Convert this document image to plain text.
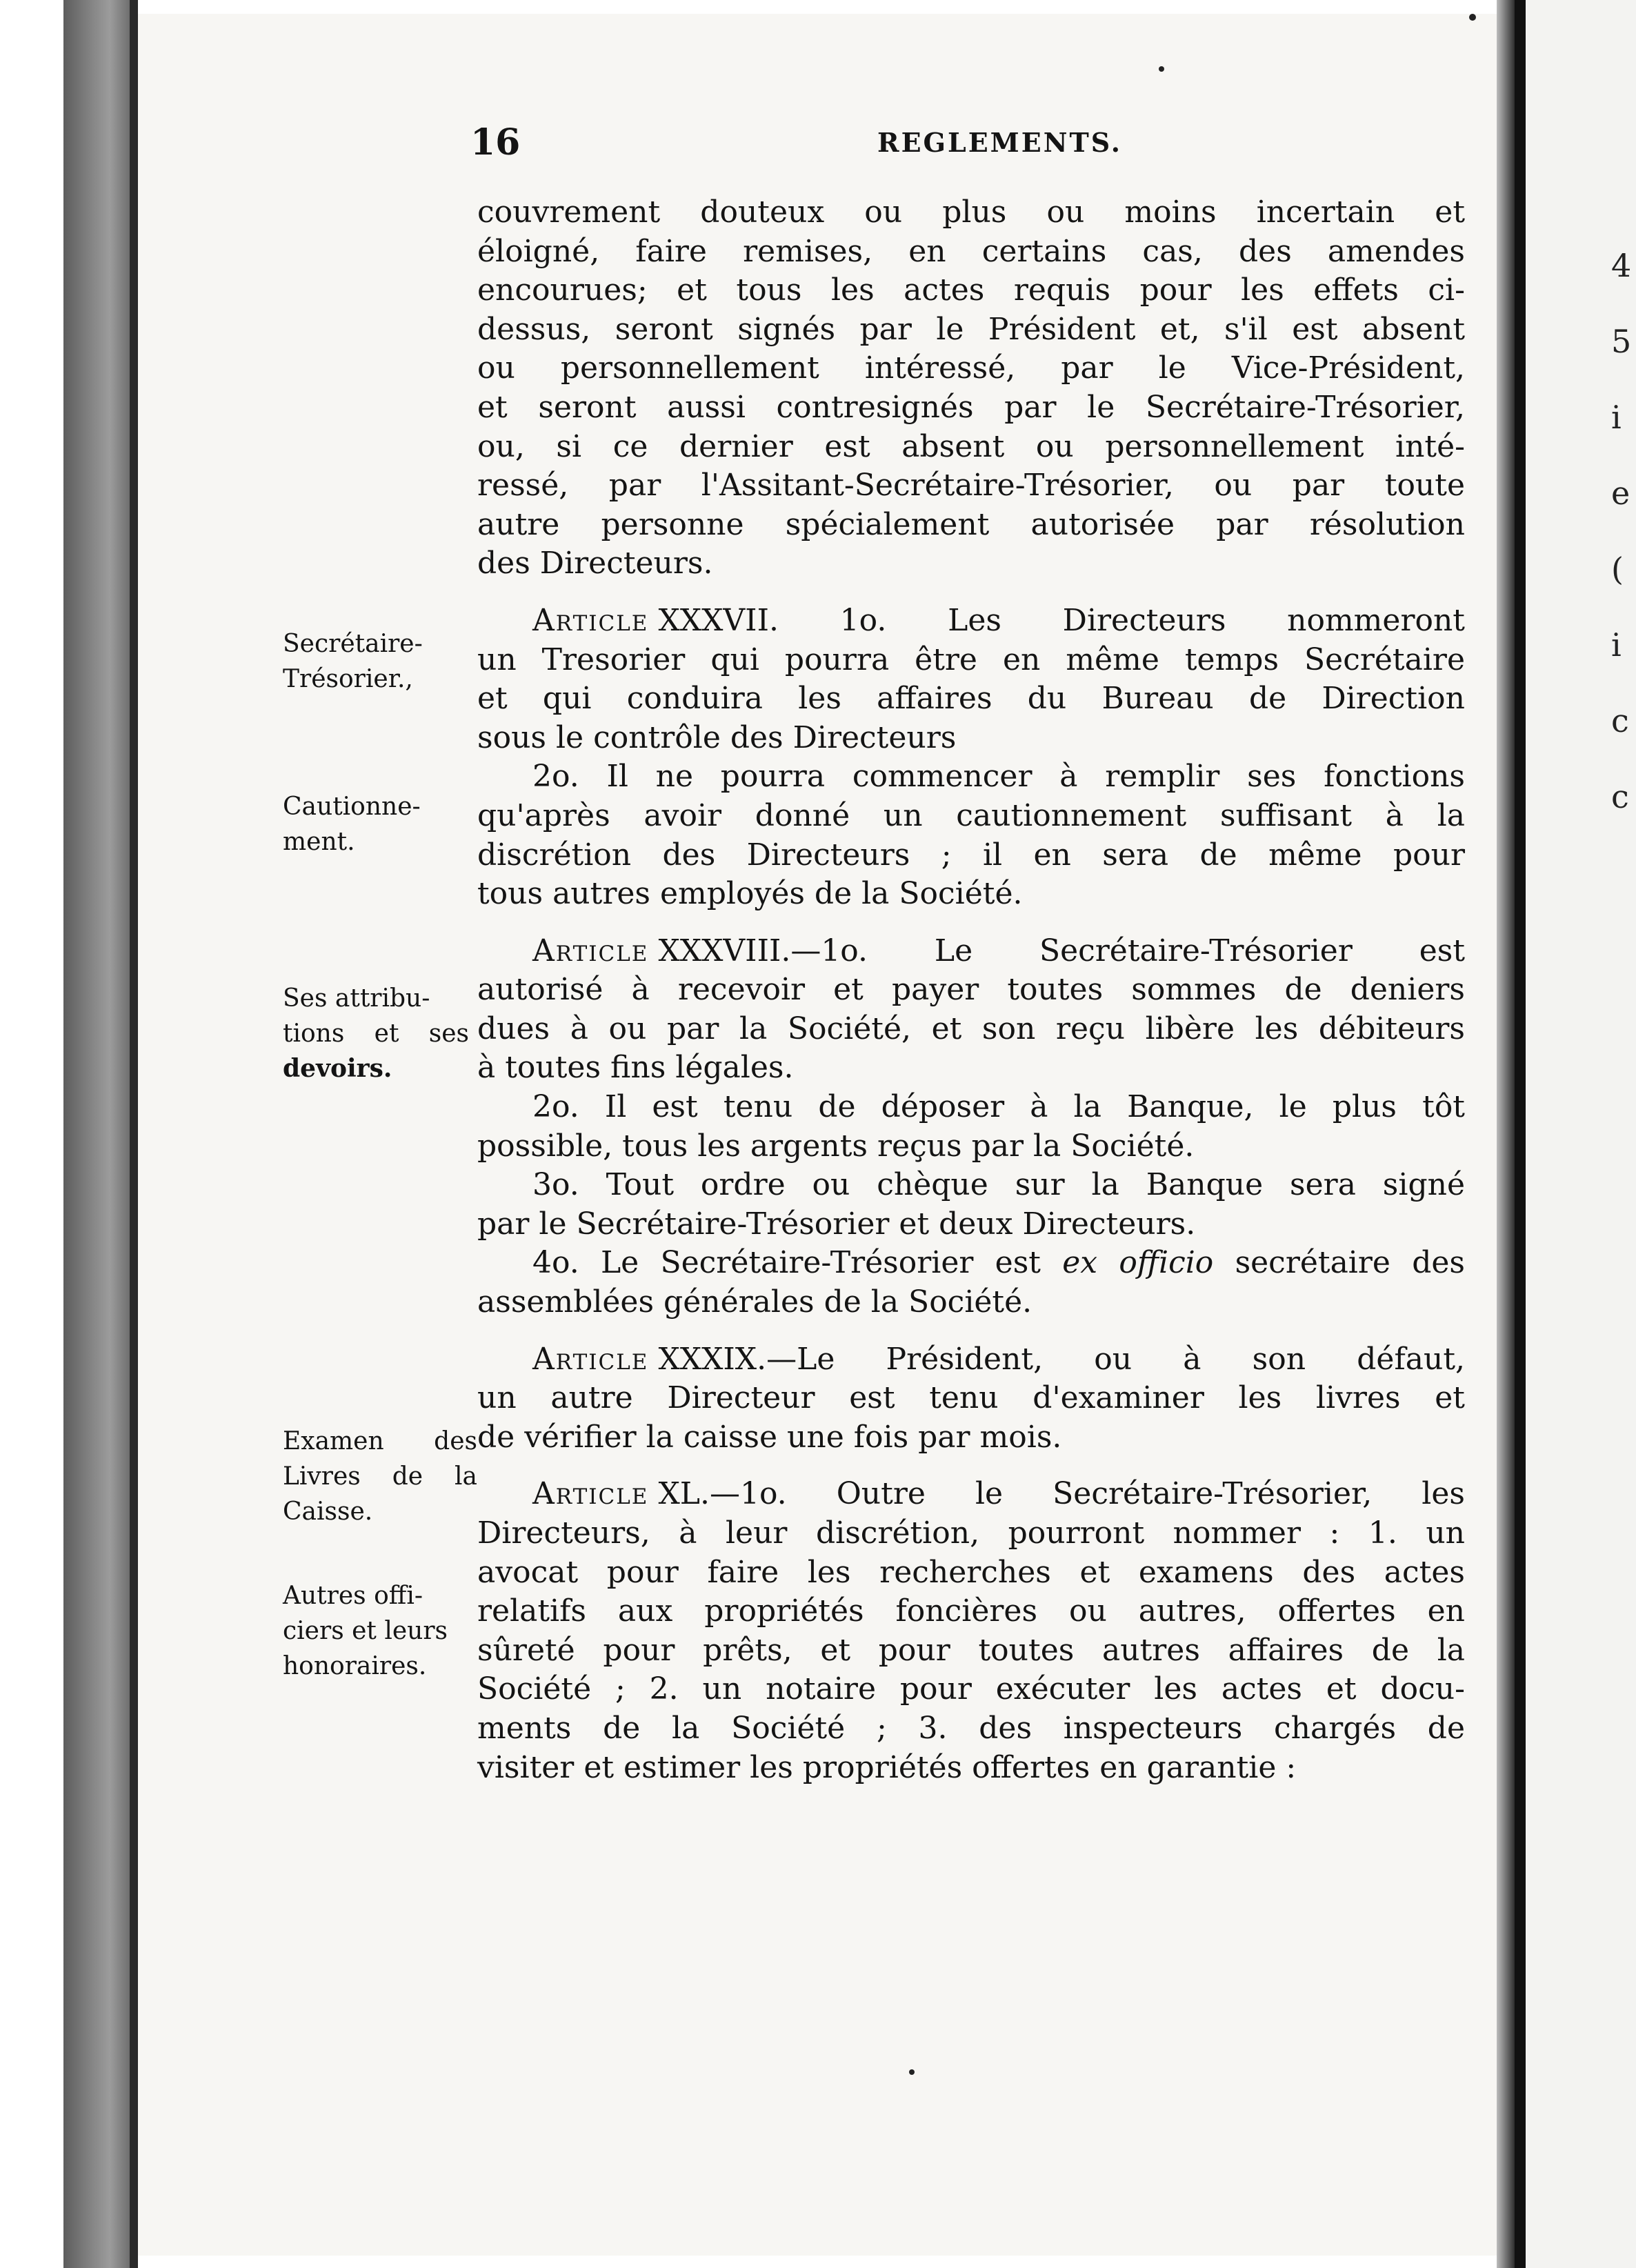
4
5
i
e
(
i
c
c
16	REGLEMENTS.
Secrétaire-
Trésorier.,
Cautionne-
ment.
Ses attribu-
tions et ses
devoirs.
Examen des
Livres de la
Caisse.
Autres offi-
ciers et leurs
honoraires.
couvrement douteux ou plus ou moins incertain et
éloigné, faire remises, en certains cas, des amendes
encourues; et tous les actes requis pour les effets ci-
dessus, seront signés par le Président et, s'il est absent
ou personnellement intéressé, par le Vice-Président,
et seront aussi contresignés par le Secrétaire-Trésorier,
ou, si ce dernier est absent ou personnellement inté-
ressé, par l'Assitant-Secrétaire-Trésorier, ou par toute
autre personne spécialement autorisée par résolution
des Directeurs.
Article XXXVII. 1o. Les Directeurs nommeront
un Tresorier qui pourra être en même temps Secrétaire
et qui conduira les affaires du Bureau de Direction
sous le contrôle des Directeurs
2o. Il ne pourra commencer à remplir ses fonctions
qu'après avoir donné un cautionnement suffisant à la
discrétion des Directeurs ; il en sera de même pour
tous autres employés de la Société.
Article XXXVIII.—1o. Le Secrétaire-Trésorier est
autorisé à recevoir et payer toutes sommes de deniers
dues à ou par la Société, et son reçu libère les débiteurs
à toutes fins légales.
2o. Il est tenu de déposer à la Banque, le plus tôt
possible, tous les argents reçus par la Société.
3o. Tout ordre ou chèque sur la Banque sera signé
par le Secrétaire-Trésorier et deux Directeurs.
4o. Le Secrétaire-Trésorier est ex officio secrétaire des
assemblées générales de la Société.
Article XXXIX.—Le Président, ou à son défaut,
un autre Directeur est tenu d'examiner les livres et
de vérifier la caisse une fois par mois.
Article XL.—1o. Outre le Secrétaire-Trésorier, les
Directeurs, à leur discrétion, pourront nommer : 1. un
avocat pour faire les recherches et examens des actes
relatifs aux propriétés foncières ou autres, offertes en
sûreté pour prêts, et pour toutes autres affaires de la
Société ; 2. un notaire pour exécuter les actes et docu-
ments de la Société ; 3. des inspecteurs chargés de
visiter et estimer les propriétés offertes en garantie :
